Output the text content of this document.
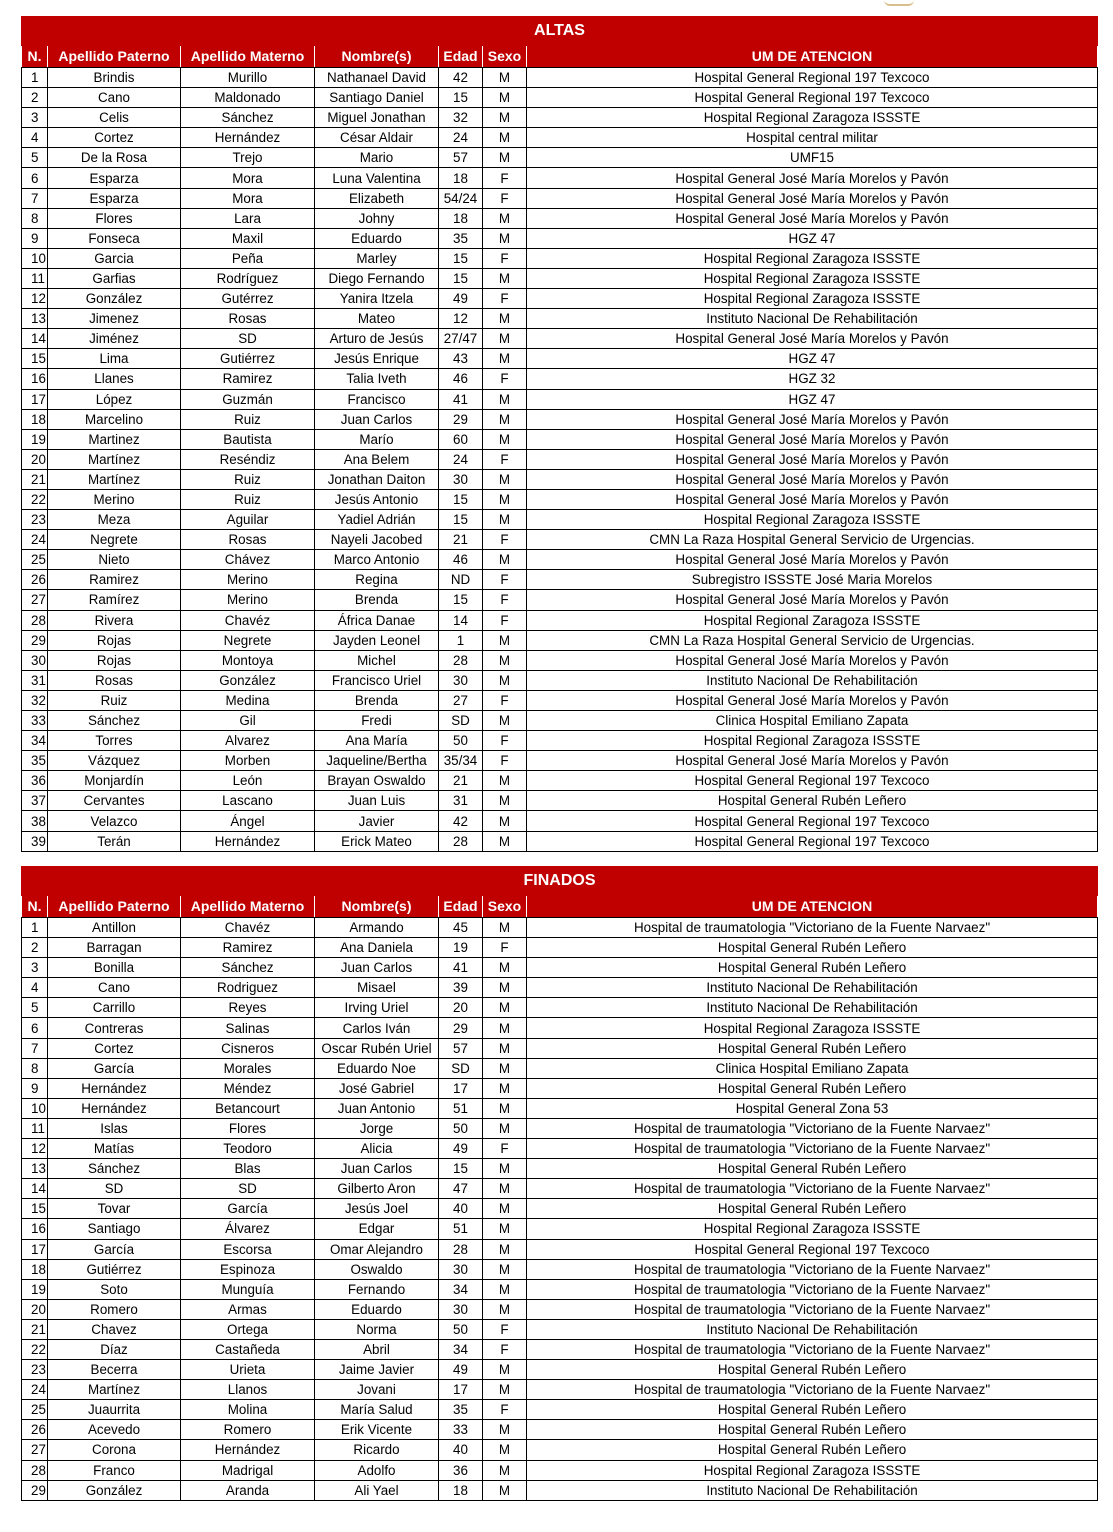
ALTAS						
N.	Apellido Paterno	Apellido Materno	Nombre(s)	Edad	Sexo	UM DE ATENCION
1	Brindis	Murillo	Nathanael David	42	M	Hospital General Regional 197 Texcoco
2	Cano	Maldonado	Santiago Daniel	15	M	Hospital General Regional 197 Texcoco
3	Celis	Sánchez	Miguel Jonathan	32	M	Hospital Regional Zaragoza ISSSTE
4	Cortez	Hernández	César Aldair	24	M	Hospital central militar
5	De la Rosa	Trejo	Mario	57	M	UMF15
6	Esparza	Mora	Luna Valentina	18	F	Hospital General José María Morelos y Pavón
7	Esparza	Mora	Elizabeth	54/24	F	Hospital General José María Morelos y Pavón
8	Flores	Lara	Johny	18	M	Hospital General José María Morelos y Pavón
9	Fonseca	Maxil	Eduardo	35	M	HGZ 47
10	Garcia	Peña	Marley	15	F	Hospital Regional Zaragoza ISSSTE
11	Garfias	Rodríguez	Diego Fernando	15	M	Hospital Regional Zaragoza ISSSTE
12	González	Gutérrez	Yanira Itzela	49	F	Hospital Regional Zaragoza ISSSTE
13	Jimenez	Rosas	Mateo	12	M	Instituto Nacional De Rehabilitación
14	Jiménez	SD	Arturo de Jesús	27/47	M	Hospital General José María Morelos y Pavón
15	Lima	Gutiérrez	Jesús Enrique	43	M	HGZ 47
16	Llanes	Ramirez	Talia Iveth	46	F	HGZ 32
17	López	Guzmán	Francisco	41	M	HGZ 47
18	Marcelino	Ruiz	Juan Carlos	29	M	Hospital General José María Morelos y Pavón
19	Martinez	Bautista	Marío	60	M	Hospital General José María Morelos y Pavón
20	Martínez	Reséndiz	Ana Belem	24	F	Hospital General José María Morelos y Pavón
21	Martínez	Ruiz	Jonathan Daiton	30	M	Hospital General José María Morelos y Pavón
22	Merino	Ruiz	Jesús Antonio	15	M	Hospital General José María Morelos y Pavón
23	Meza	Aguilar	Yadiel Adrián	15	M	Hospital Regional Zaragoza ISSSTE
24	Negrete	Rosas	Nayeli Jacobed	21	F	CMN La Raza Hospital General Servicio de Urgencias.
25	Nieto	Chávez	Marco Antonio	46	M	Hospital General José María Morelos y Pavón
26	Ramirez	Merino	Regina	ND	F	Subregistro ISSSTE José Maria Morelos
27	Ramírez	Merino	Brenda	15	F	Hospital General José María Morelos y Pavón
28	Rivera	Chavéz	África Danae	14	F	Hospital Regional Zaragoza ISSSTE
29	Rojas	Negrete	Jayden Leonel	1	M	CMN La Raza Hospital General Servicio de Urgencias.
30	Rojas	Montoya	Michel	28	M	Hospital General José María Morelos y Pavón
31	Rosas	González	Francisco Uriel	30	M	Instituto Nacional De Rehabilitación
32	Ruiz	Medina	Brenda	27	F	Hospital General José María Morelos y Pavón
33	Sánchez	Gil	Fredi	SD	M	Clinica Hospital Emiliano Zapata
34	Torres	Alvarez	Ana María	50	F	Hospital Regional Zaragoza ISSSTE
35	Vázquez	Morben	Jaqueline/Bertha	35/34	F	Hospital General José María Morelos y Pavón
36	Monjardín	León	Brayan Oswaldo	21	M	Hospital General Regional 197 Texcoco
37	Cervantes	Lascano	Juan Luis	31	M	Hospital General Rubén Leñero
38	Velazco	Ángel	Javier	42	M	Hospital General Regional 197 Texcoco
39	Terán	Hernández	Erick Mateo	28	M	Hospital General Regional 197 Texcoco
FINADOS						
N.	Apellido Paterno	Apellido Materno	Nombre(s)	Edad	Sexo	UM DE ATENCION
1	Antillon	Chavéz	Armando	45	M	Hospital de traumatologia "Victoriano de la Fuente Narvaez"
2	Barragan	Ramirez	Ana Daniela	19	F	Hospital General Rubén Leñero
3	Bonilla	Sánchez	Juan Carlos	41	M	Hospital General Rubén Leñero
4	Cano	Rodriguez	Misael	39	M	Instituto Nacional De Rehabilitación
5	Carrillo	Reyes	Irving Uriel	20	M	Instituto Nacional De Rehabilitación
6	Contreras	Salinas	Carlos Iván	29	M	Hospital Regional Zaragoza ISSSTE
7	Cortez	Cisneros	Oscar Rubén Uriel	57	M	Hospital General Rubén Leñero
8	García	Morales	Eduardo Noe	SD	M	Clinica Hospital Emiliano Zapata
9	Hernández	Méndez	José Gabriel	17	M	Hospital General Rubén Leñero
10	Hernández	Betancourt	Juan Antonio	51	M	Hospital General Zona 53
11	Islas	Flores	Jorge	50	M	Hospital de traumatologia "Victoriano de la Fuente Narvaez"
12	Matías	Teodoro	Alicia	49	F	Hospital de traumatologia "Victoriano de la Fuente Narvaez"
13	Sánchez	Blas	Juan Carlos	15	M	Hospital General Rubén Leñero
14	SD	SD	Gilberto Aron	47	M	Hospital de traumatologia "Victoriano de la Fuente Narvaez"
15	Tovar	García	Jesús Joel	40	M	Hospital General Rubén Leñero
16	Santiago	Álvarez	Edgar	51	M	Hospital Regional Zaragoza ISSSTE
17	García	Escorsa	Omar Alejandro	28	M	Hospital General Regional 197 Texcoco
18	Gutiérrez	Espinoza	Oswaldo	30	M	Hospital de traumatologia "Victoriano de la Fuente Narvaez"
19	Soto	Munguía	Fernando	34	M	Hospital de traumatologia "Victoriano de la Fuente Narvaez"
20	Romero	Armas	Eduardo	30	M	Hospital de traumatologia "Victoriano de la Fuente Narvaez"
21	Chavez	Ortega	Norma	50	F	Instituto Nacional De Rehabilitación
22	Díaz	Castañeda	Abril	34	F	Hospital de traumatologia "Victoriano de la Fuente Narvaez"
23	Becerra	Urieta	Jaime Javier	49	M	Hospital General Rubén Leñero
24	Martínez	Llanos	Jovani	17	M	Hospital de traumatologia "Victoriano de la Fuente Narvaez"
25	Juaurrita	Molina	María Salud	35	F	Hospital General Rubén Leñero
26	Acevedo	Romero	Erik Vicente	33	M	Hospital General Rubén Leñero
27	Corona	Hernández	Ricardo	40	M	Hospital General Rubén Leñero
28	Franco	Madrigal	Adolfo	36	M	Hospital Regional Zaragoza ISSSTE
29	González	Aranda	Ali Yael	18	M	Instituto Nacional De Rehabilitación
